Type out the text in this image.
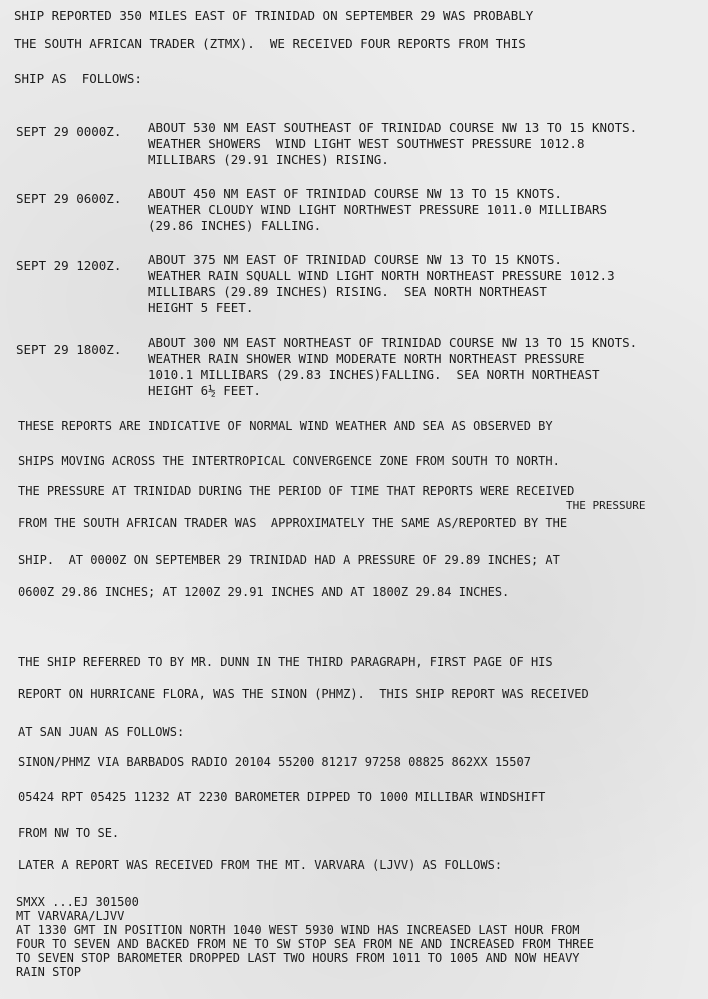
SHIP REPORTED 350 MILES EAST OF TRINIDAD ON SEPTEMBER 29 WAS PROBABLY
THE SOUTH AFRICAN TRADER (ZTMX).  WE RECEIVED FOUR REPORTS FROM THIS
SHIP AS  FOLLOWS:
SEPT 29 0000Z. ABOUT 530 NM EAST SOUTHEAST OF TRINIDAD COURSE NW 13 TO 15 KNOTS.
WEATHER SHOWERS  WIND LIGHT WEST SOUTHWEST PRESSURE 1012.8
MILLIBARS (29.91 INCHES) RISING.
SEPT 29 0600Z. ABOUT 450 NM EAST OF TRINIDAD COURSE NW 13 TO 15 KNOTS.
WEATHER CLOUDY WIND LIGHT NORTHWEST PRESSURE 1011.0 MILLIBARS
(29.86 INCHES) FALLING.
SEPT 29 1200Z. ABOUT 375 NM EAST OF TRINIDAD COURSE NW 13 TO 15 KNOTS.
WEATHER RAIN SQUALL WIND LIGHT NORTH NORTHEAST PRESSURE 1012.3
MILLIBARS (29.89 INCHES) RISING.  SEA NORTH NORTHEAST
HEIGHT 5 FEET.
SEPT 29 1800Z. ABOUT 300 NM EAST NORTHEAST OF TRINIDAD COURSE NW 13 TO 15 KNOTS.
WEATHER RAIN SHOWER WIND MODERATE NORTH NORTHEAST PRESSURE
1010.1 MILLIBARS (29.83 INCHES)FALLING.  SEA NORTH NORTHEAST
HEIGHT 6½ FEET.
THESE REPORTS ARE INDICATIVE OF NORMAL WIND WEATHER AND SEA AS OBSERVED BY
SHIPS MOVING ACROSS THE INTERTROPICAL CONVERGENCE ZONE FROM SOUTH TO NORTH.
THE PRESSURE AT TRINIDAD DURING THE PERIOD OF TIME THAT REPORTS WERE RECEIVED
THE PRESSURE
FROM THE SOUTH AFRICAN TRADER WAS  APPROXIMATELY THE SAME AS/REPORTED BY THE
SHIP.  AT 0000Z ON SEPTEMBER 29 TRINIDAD HAD A PRESSURE OF 29.89 INCHES; AT
0600Z 29.86 INCHES; AT 1200Z 29.91 INCHES AND AT 1800Z 29.84 INCHES.
THE SHIP REFERRED TO BY MR. DUNN IN THE THIRD PARAGRAPH, FIRST PAGE OF HIS
REPORT ON HURRICANE FLORA, WAS THE SINON (PHMZ).  THIS SHIP REPORT WAS RECEIVED
AT SAN JUAN AS FOLLOWS:
SINON/PHMZ VIA BARBADOS RADIO 20104 55200 81217 97258 08825 862XX 15507
05424 RPT 05425 11232 AT 2230 BAROMETER DIPPED TO 1000 MILLIBAR WINDSHIFT
FROM NW TO SE.
LATER A REPORT WAS RECEIVED FROM THE MT. VARVARA (LJVV) AS FOLLOWS:
SMXX ...EJ 301500
MT VARVARA/LJVV
AT 1330 GMT IN POSITION NORTH 1040 WEST 5930 WIND HAS INCREASED LAST HOUR FROM
FOUR TO SEVEN AND BACKED FROM NE TO SW STOP SEA FROM NE AND INCREASED FROM THREE
TO SEVEN STOP BAROMETER DROPPED LAST TWO HOURS FROM 1011 TO 1005 AND NOW HEAVY
RAIN STOP
